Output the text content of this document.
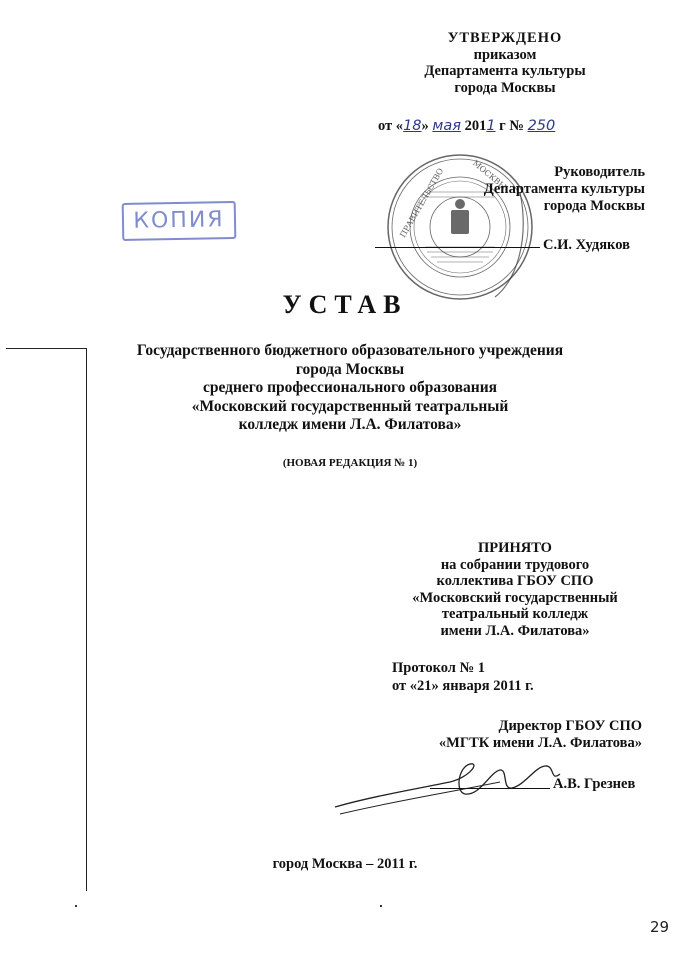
УТВЕРЖДЕНО
приказом
Департамента культуры
города Москвы
от «18» мая 2011 г № 250
ПРАВИТЕЛЬСТВО	МОСКВЫ	Руководитель
Департамента культуры
города Москвы
С.И. Худяков
КОПИЯ
УСТАВ
Государственного бюджетного образовательного учреждения
города Москвы
среднего профессионального образования
«Московский государственный театральный
колледж имени Л.А. Филатова»
(НОВАЯ РЕДАКЦИЯ № 1)
ПРИНЯТО
на собрании трудового
коллектива ГБОУ СПО
«Московский государственный
театральный колледж
имени Л.А. Филатова»
Протокол № 1
от «21» января 2011 г.
Директор ГБОУ СПО
«МГТК имени Л.А. Филатова»
А.В. Грезнев
город Москва – 2011 г.
29
